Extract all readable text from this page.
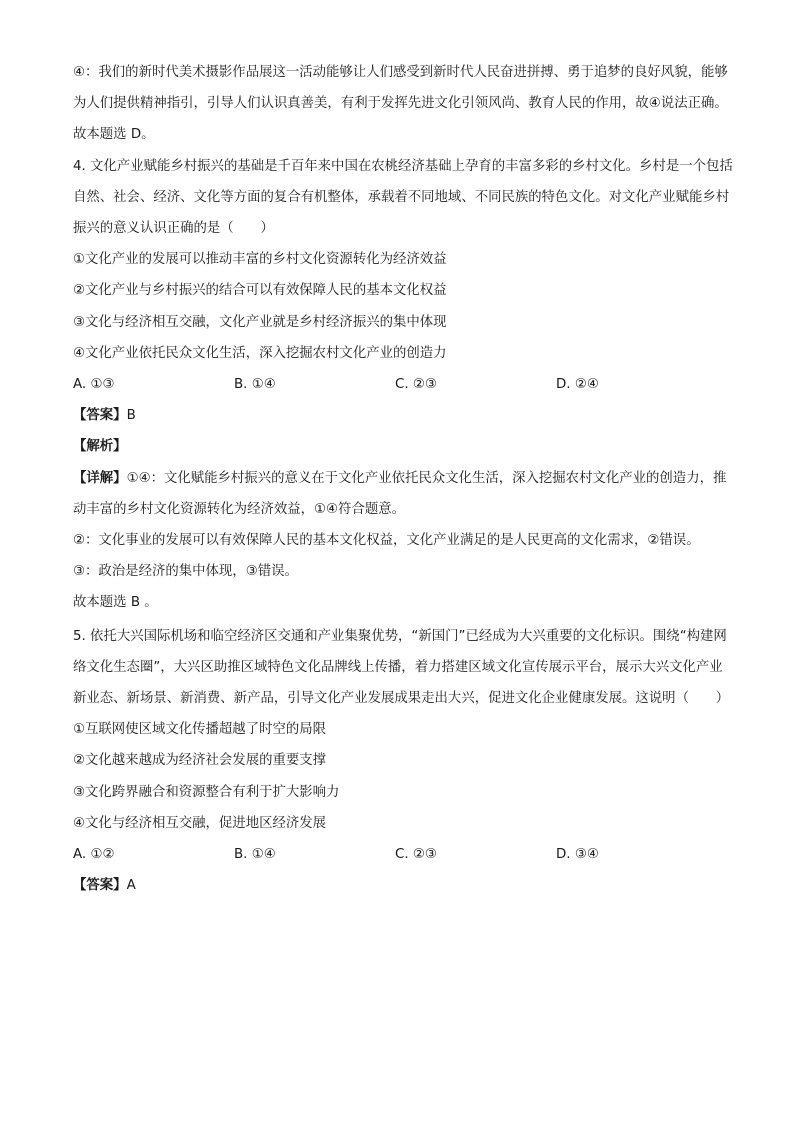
④：我们的新时代美术摄影作品展这一活动能够让人们感受到新时代人民奋进拼搏、勇于追梦的良好风貌，能够为人们提供精神指引，引导人们认识真善美，有利于发挥先进文化引领风尚、教育人民的作用，故④说法正确。

故本题选 D。

4. 文化产业赋能乡村振兴的基础是千百年来中国在农桃经济基础上孕育的丰富多彩的乡村文化。乡村是一个包括自然、社会、经济、文化等方面的复合有机整体，承载着不同地域、不同民族的特色文化。对文化产业赋能乡村振兴的意义认识正确的是（　　）

①文化产业的发展可以推动丰富的乡村文化资源转化为经济效益

②文化产业与乡村振兴的结合可以有效保障人民的基本文化权益

③文化与经济相互交融，文化产业就是乡村经济振兴的集中体现

④文化产业依托民众文化生活，深入挖掘农村文化产业的创造力

A. ①③	B. ①④	C. ②③	D. ②④

【答案】B

【解析】

【详解】①④：文化赋能乡村振兴的意义在于文化产业依托民众文化生活，深入挖掘农村文化产业的创造力，推动丰富的乡村文化资源转化为经济效益，①④符合题意。

②：文化事业的发展可以有效保障人民的基本文化权益，文化产业满足的是人民更高的文化需求，②错误。

③：政治是经济的集中体现，③错误。

故本题选 B 。

5. 依托大兴国际机场和临空经济区交通和产业集聚优势，“新国门”已经成为大兴重要的文化标识。围绕“构建网络文化生态圈”，大兴区助推区域特色文化品牌线上传播，着力搭建区域文化宣传展示平台，展示大兴文化产业新业态、新场景、新消费、新产品，引导文化产业发展成果走出大兴，促进文化企业健康发展。这说明（　　）

①互联网使区域文化传播超越了时空的局限

②文化越来越成为经济社会发展的重要支撑

③文化跨界融合和资源整合有利于扩大影响力

④文化与经济相互交融，促进地区经济发展

A. ①②	B. ①④	C. ②③	D. ③④

【答案】A
